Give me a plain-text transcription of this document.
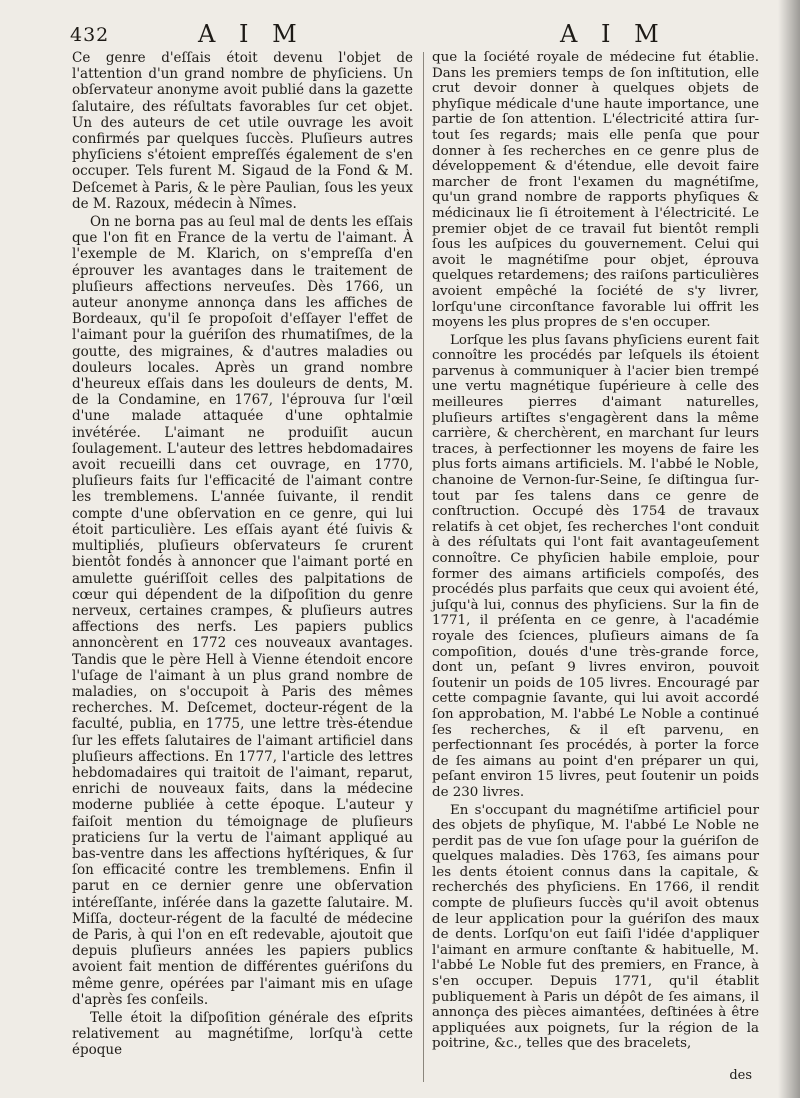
432	A I M	A I M

Ce genre d'eſſais étoit devenu l'objet de l'attention d'un grand nombre de phyſiciens. Un obſervateur anonyme avoit publié dans la gazette ſalutaire, des réſultats favorables ſur cet objet. Un des auteurs de cet utile ouvrage les avoit confirmés par quelques ſuccès. Pluſieurs autres phyſiciens s'étoient empreſſés également de s'en occuper. Tels furent M. Sigaud de la Fond & M. Deſcemet à Paris, & le père Paulian, ſous les yeux de M. Razoux, médecin à Nîmes.

On ne borna pas au ſeul mal de dents les eſſais que l'on fit en France de la vertu de l'aimant. À l'exemple de M. Klarich, on s'empreſſa d'en éprouver les avantages dans le traitement de pluſieurs affections nerveuſes. Dès 1766, un auteur anonyme annonça dans les affiches de Bordeaux, qu'il ſe propoſoit d'eſſayer l'effet de l'aimant pour la guériſon des rhumatiſmes, de la goutte, des migraines, & d'autres maladies ou douleurs locales. Après un grand nombre d'heureux eſſais dans les douleurs de dents, M. de la Condamine, en 1767, l'éprouva ſur l'œil d'une malade attaquée d'une ophtalmie invétérée. L'aimant ne produiſit aucun ſoulagement. L'auteur des lettres hebdomadaires avoit recueilli dans cet ouvrage, en 1770, pluſieurs faits ſur l'efficacité de l'aimant contre les tremblemens. L'année ſuivante, il rendit compte d'une obſervation en ce genre, qui lui étoit particulière. Les eſſais ayant été ſuivis & multipliés, pluſieurs obſervateurs ſe crurent bientôt fondés à annoncer que l'aimant porté en amulette guériſſoit celles des palpitations de cœur qui dépendent de la diſpoſition du genre nerveux, certaines crampes, & pluſieurs autres affections des nerfs. Les papiers publics annoncèrent en 1772 ces nouveaux avantages. Tandis que le père Hell à Vienne étendoit encore l'uſage de l'aimant à un plus grand nombre de maladies, on s'occupoit à Paris des mêmes recherches. M. Deſcemet, docteur-régent de la faculté, publia, en 1775, une lettre très-étendue ſur les effets ſalutaires de l'aimant artificiel dans pluſieurs affections. En 1777, l'article des lettres hebdomadaires qui traitoit de l'aimant, reparut, enrichi de nouveaux faits, dans la médecine moderne publiée à cette époque. L'auteur y faiſoit mention du témoignage de pluſieurs praticiens ſur la vertu de l'aimant appliqué au bas-ventre dans les affections hyſtériques, & ſur ſon efficacité contre les tremblemens. Enfin il parut en ce dernier genre une obſervation intéreſſante, inſérée dans la gazette ſalutaire. M. Miſſa, docteur-régent de la faculté de médecine de Paris, à qui l'on en eſt redevable, ajoutoit que depuis pluſieurs années les papiers publics avoient fait mention de différentes guériſons du même genre, opérées par l'aimant mis en uſage d'après ſes conſeils.

Telle étoit la diſpoſition générale des eſprits relativement au magnétiſme, lorſqu'à cette époque

que la ſociété royale de médecine fut établie. Dans les premiers temps de ſon inſtitution, elle crut devoir donner à quelques objets de phyſique médicale d'une haute importance, une partie de ſon attention. L'électricité attira ſur-tout ſes regards; mais elle penſa que pour donner à ſes recherches en ce genre plus de développement & d'étendue, elle devoit faire marcher de front l'examen du magnétiſme, qu'un grand nombre de rapports phyſiques & médicinaux lie ſi étroitement à l'électricité. Le premier objet de ce travail fut bientôt rempli ſous les auſpices du gouvernement. Celui qui avoit le magnétiſme pour objet, éprouva quelques retardemens; des raiſons particulières avoient empêché la ſociété de s'y livrer, lorſqu'une circonſtance favorable lui offrit les moyens les plus propres de s'en occuper.

Lorſque les plus ſavans phyſiciens eurent fait connoître les procédés par leſquels ils étoient parvenus à communiquer à l'acier bien trempé une vertu magnétique ſupérieure à celle des meilleures pierres d'aimant naturelles, pluſieurs artiſtes s'engagèrent dans la même carrière, & cherchèrent, en marchant ſur leurs traces, à perfectionner les moyens de faire les plus forts aimans artificiels. M. l'abbé le Noble, chanoine de Vernon-ſur-Seine, ſe diſtingua ſur-tout par ſes talens dans ce genre de conſtruction. Occupé dès 1754 de travaux relatifs à cet objet, ſes recherches l'ont conduit à des réſultats qui l'ont fait avantageuſement connoître. Ce phyſicien habile emploie, pour former des aimans artificiels compoſés, des procédés plus parfaits que ceux qui avoient été, juſqu'à lui, connus des phyſiciens. Sur la fin de 1771, il préſenta en ce genre, à l'académie royale des ſciences, pluſieurs aimans de ſa compoſition, doués d'une très-grande force, dont un, peſant 9 livres environ, pouvoit ſoutenir un poids de 105 livres. Encouragé par cette compagnie ſavante, qui lui avoit accordé ſon approbation, M. l'abbé Le Noble a continué ſes recherches, & il eſt parvenu, en perfectionnant ſes procédés, à porter la force de ſes aimans au point d'en préparer un qui, peſant environ 15 livres, peut ſoutenir un poids de 230 livres.

En s'occupant du magnétiſme artificiel pour des objets de phyſique, M. l'abbé Le Noble ne perdit pas de vue ſon uſage pour la guériſon de quelques maladies. Dès 1763, ſes aimans pour les dents étoient connus dans la capitale, & recherchés des phyſiciens. En 1766, il rendit compte de pluſieurs ſuccès qu'il avoit obtenus de leur application pour la guériſon des maux de dents. Lorſqu'on eut ſaiſi l'idée d'appliquer l'aimant en armure conſtante & habituelle, M. l'abbé Le Noble fut des premiers, en France, à s'en occuper. Depuis 1771, qu'il établit publiquement à Paris un dépôt de ſes aimans, il annonça des pièces aimantées, deſtinées à être appliquées aux poignets, ſur la région de la poitrine, &c., telles que des bracelets,

des
